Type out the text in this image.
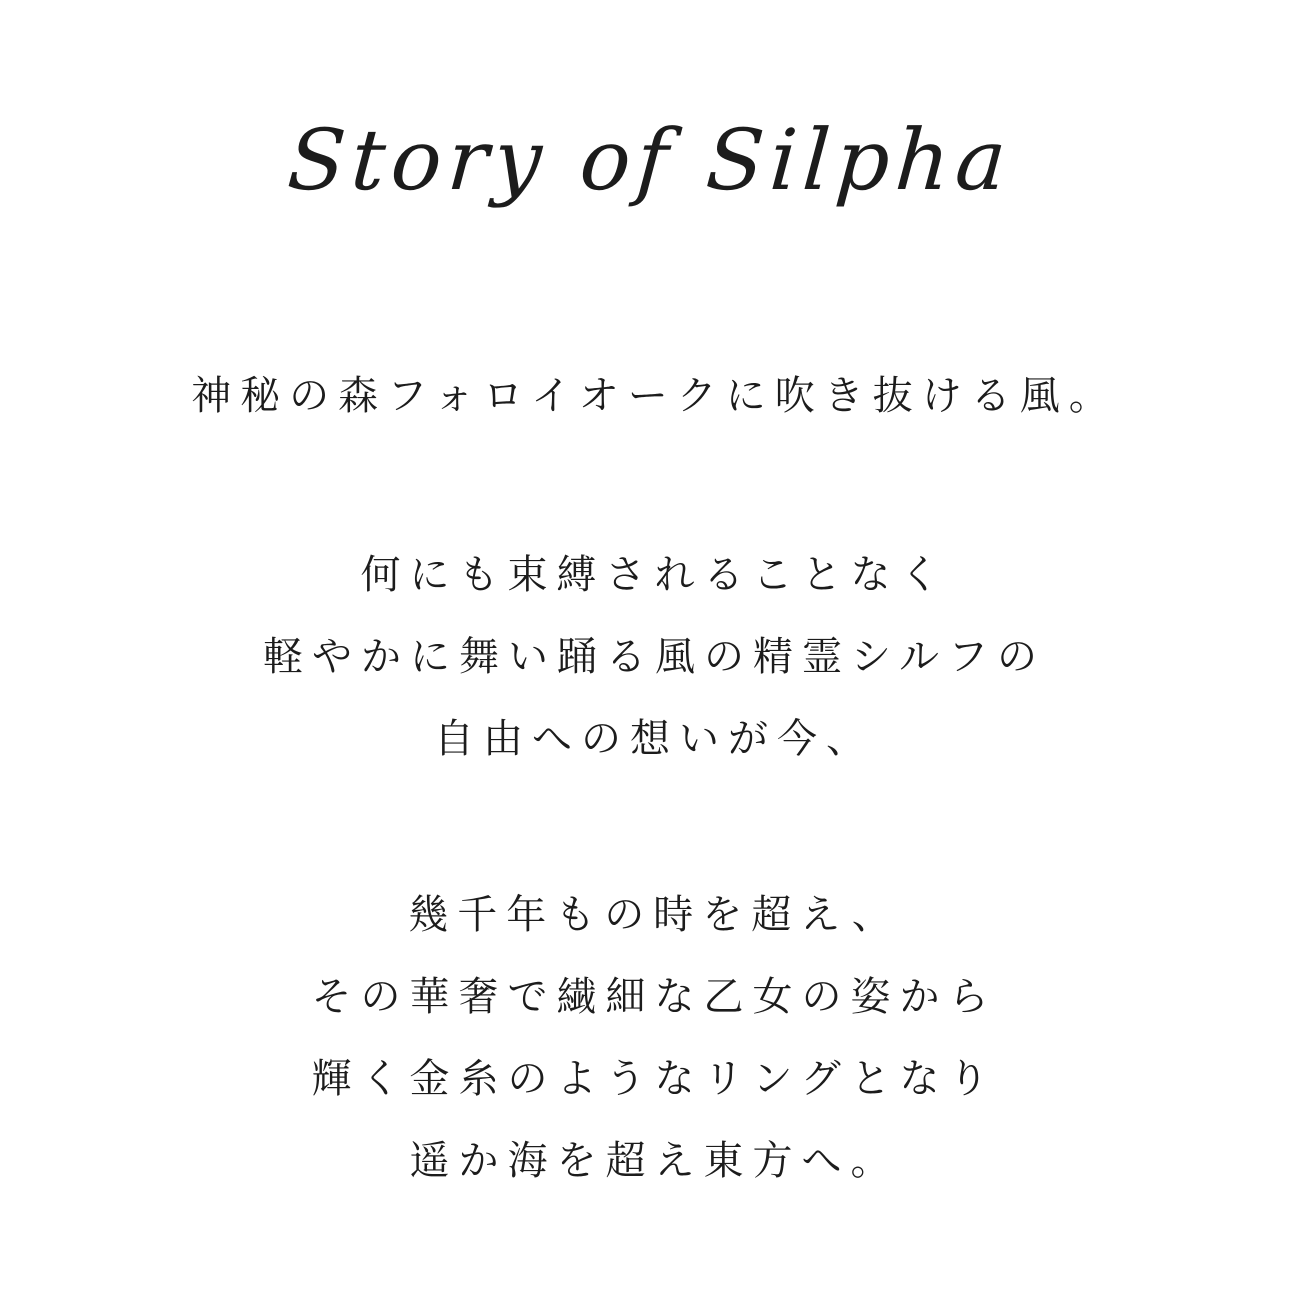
Story of Silpha
神秘の森フォロイオークに吹き抜ける風。
何にも束縛されることなく
軽やかに舞い踊る風の精霊シルフの
自由への想いが今、
幾千年もの時を超え、
その華奢で繊細な乙女の姿から
輝く金糸のようなリングとなり
遥か海を超え東方へ。
